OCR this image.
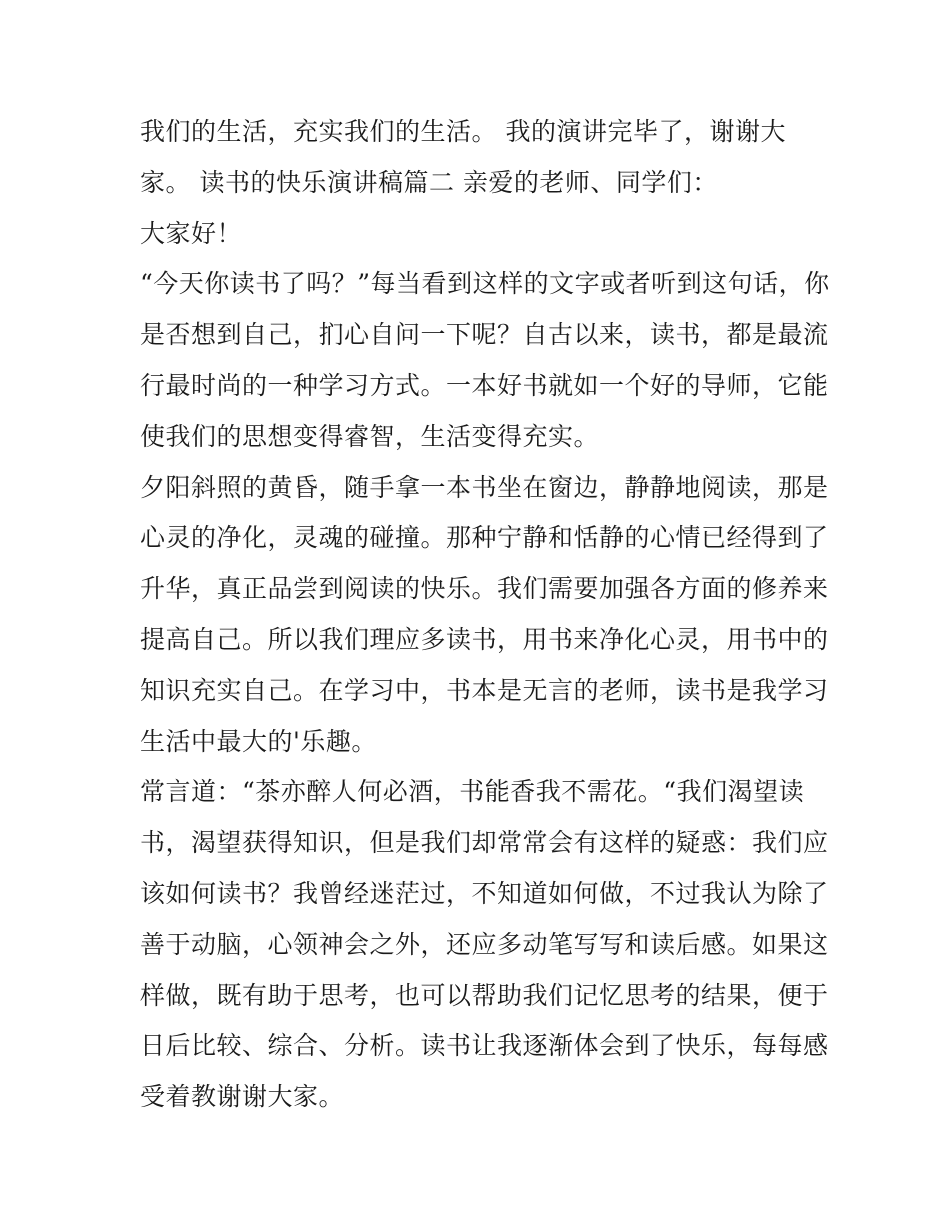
我们的生活，充实我们的生活。 我的演讲完毕了，谢谢大
家。 读书的快乐演讲稿篇二 亲爱的老师、同学们：
大家好！
“今天你读书了吗？”每当看到这样的文字或者听到这句话，你
是否想到自己，扪心自问一下呢？自古以来，读书，都是最流
行最时尚的一种学习方式。一本好书就如一个好的导师，它能
使我们的思想变得睿智，生活变得充实。
夕阳斜照的黄昏，随手拿一本书坐在窗边，静静地阅读，那是
心灵的净化，灵魂的碰撞。那种宁静和恬静的心情已经得到了
升华，真正品尝到阅读的快乐。我们需要加强各方面的修养来
提高自己。所以我们理应多读书，用书来净化心灵，用书中的
知识充实自己。在学习中，书本是无言的老师，读书是我学习
生活中最大的'乐趣。
常言道：“茶亦醉人何必酒，书能香我不需花。“我们渴望读
书，渴望获得知识，但是我们却常常会有这样的疑惑：我们应
该如何读书？我曾经迷茫过，不知道如何做，不过我认为除了
善于动脑，心领神会之外，还应多动笔写写和读后感。如果这
样做，既有助于思考，也可以帮助我们记忆思考的结果，便于
日后比较、综合、分析。读书让我逐渐体会到了快乐，每每感
受着教谢谢大家。
